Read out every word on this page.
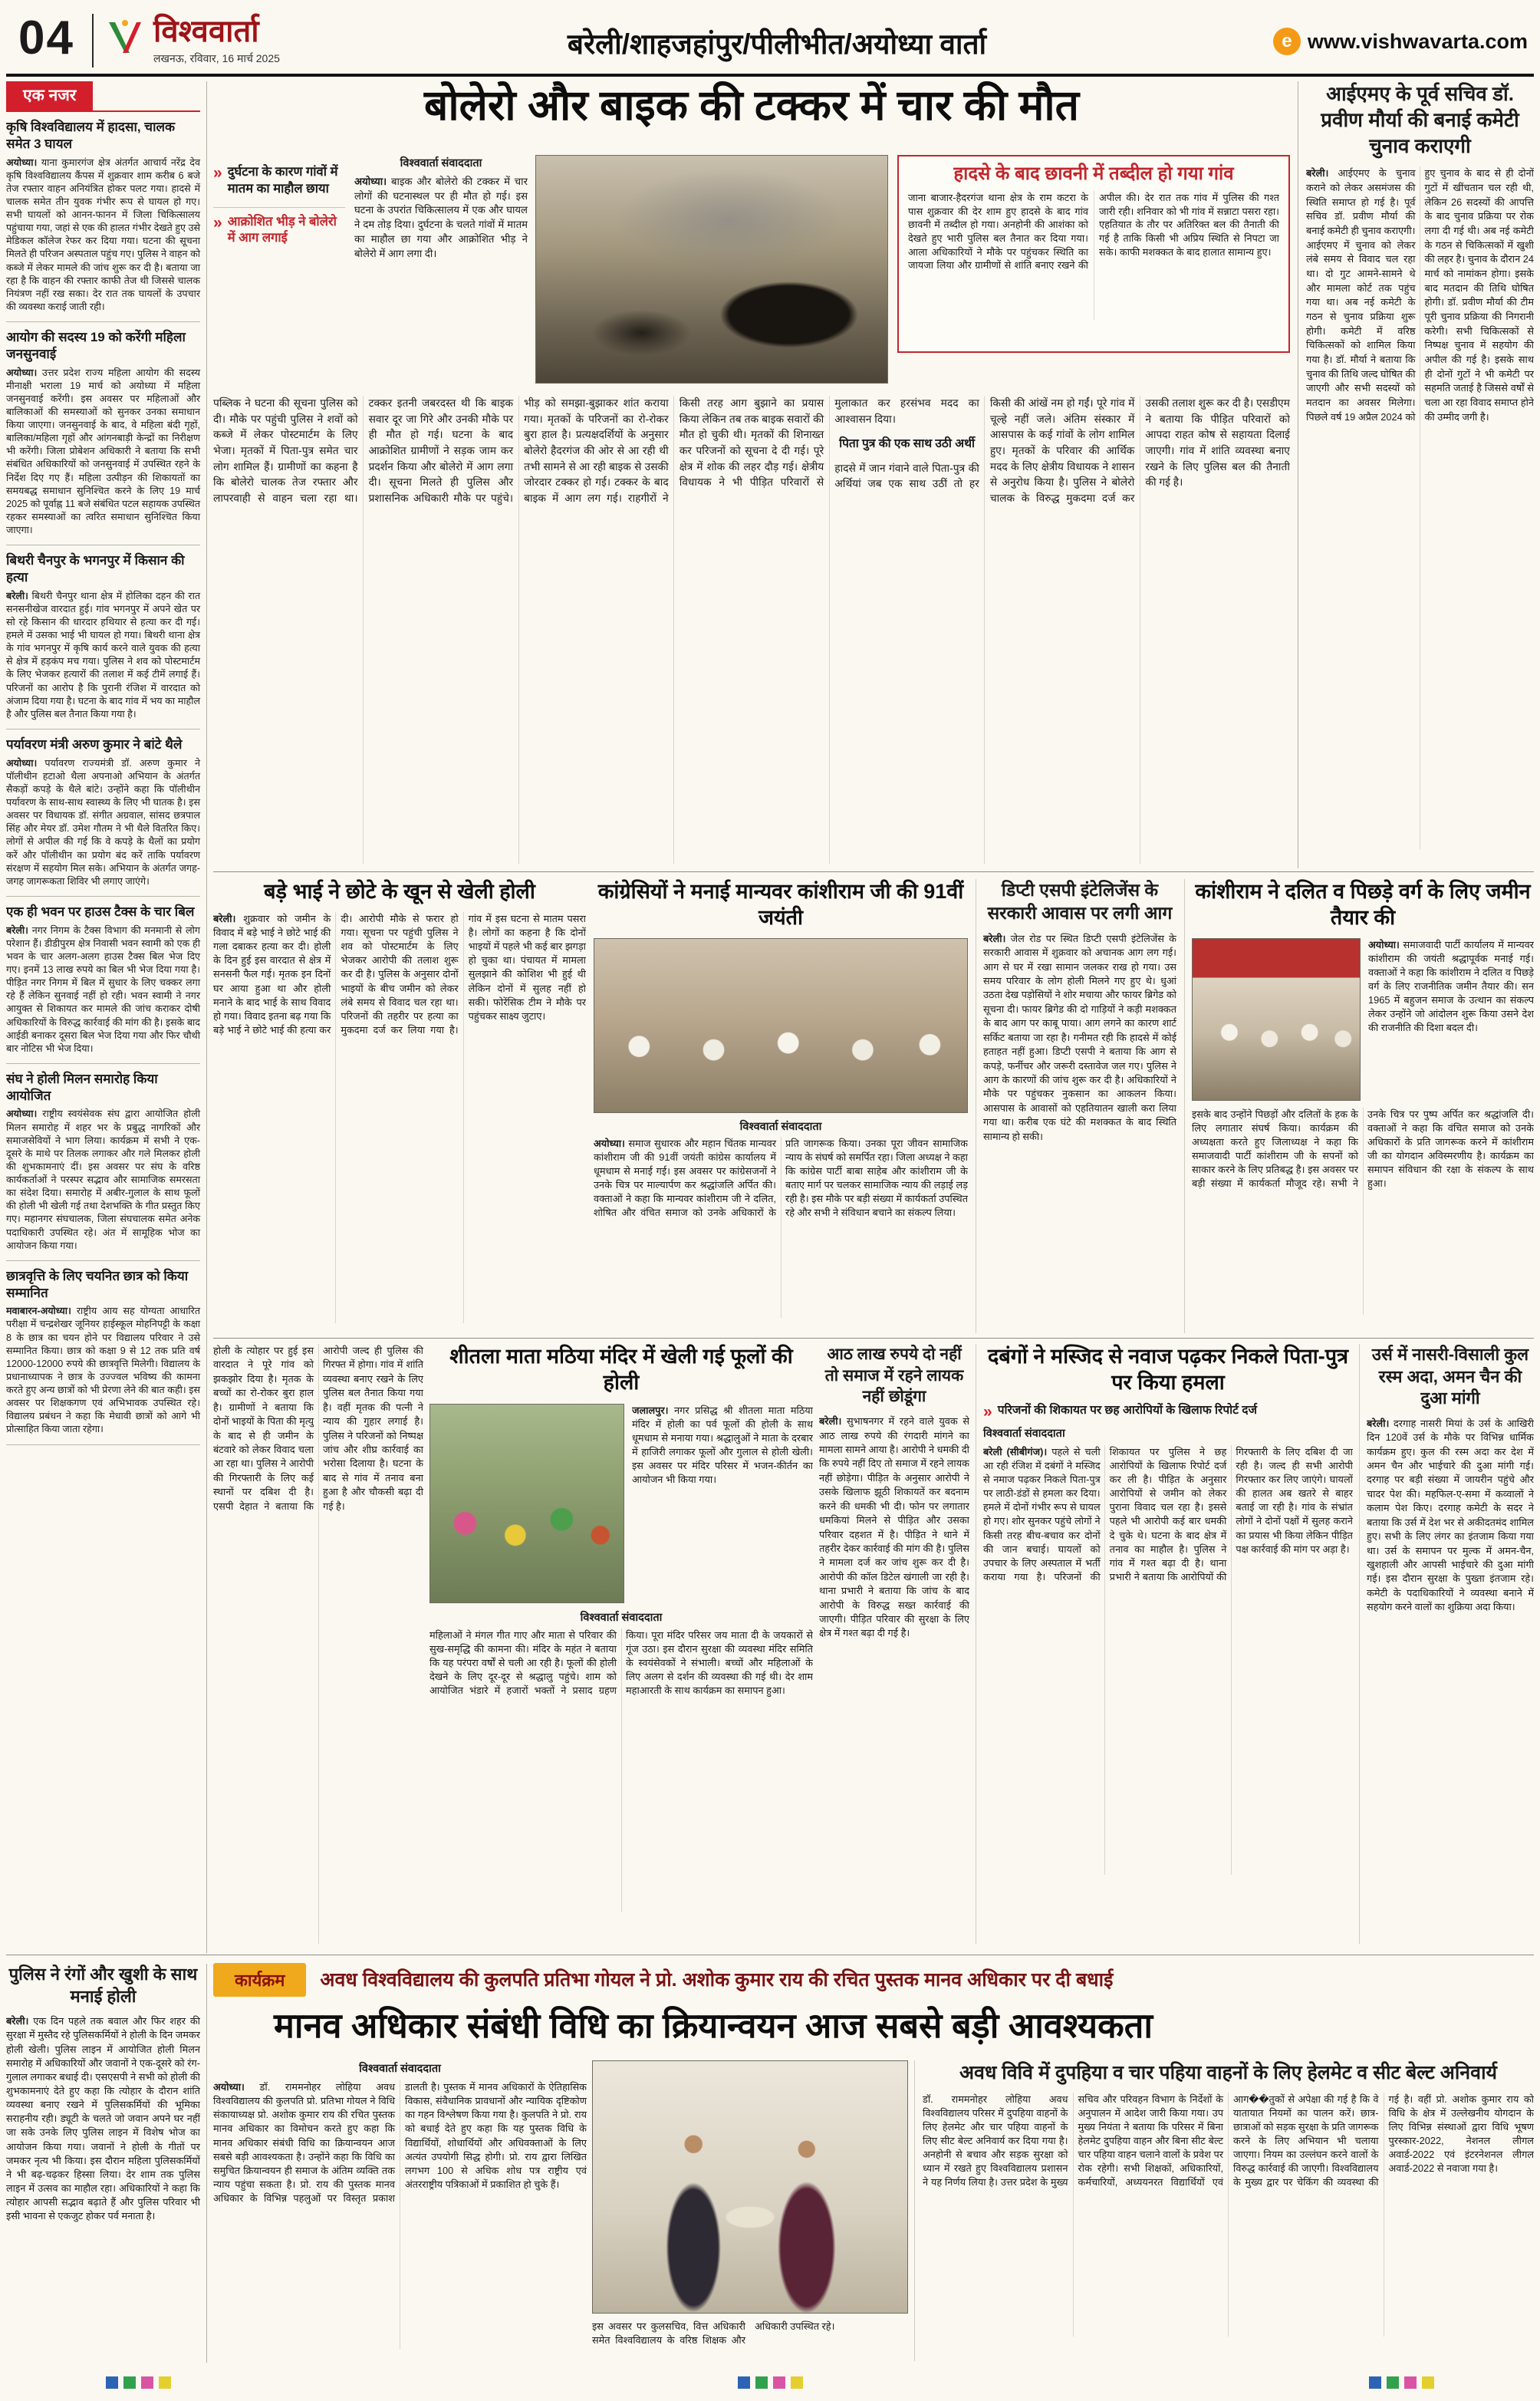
04	विश्ववार्ता
लखनऊ, रविवार, 16 मार्च 2025	बरेली/शाहजहांपुर/पीलीभीत/अयोध्या वार्ता	e www.vishwavarta.com
एक नजर
कृषि विश्वविद्यालय में हादसा, चालक समेत 3 घायल

अयोध्या। याना कुमारगंज क्षेत्र अंतर्गत आचार्य नरेंद्र देव कृषि विश्वविद्यालय कैंपस में शुक्रवार शाम करीब 6 बजे तेज रफ्तार वाहन अनियंत्रित होकर पलट गया। हादसे में चालक समेत तीन युवक गंभीर रूप से घायल हो गए। सभी घायलों को आनन-फानन में जिला चिकित्सालय पहुंचाया गया, जहां से एक की हालत गंभीर देखते हुए उसे मेडिकल कॉलेज रेफर कर दिया गया। घटना की सूचना मिलते ही परिजन अस्पताल पहुंच गए। पुलिस ने वाहन को कब्जे में लेकर मामले की जांच शुरू कर दी है। बताया जा रहा है कि वाहन की रफ्तार काफी तेज थी जिससे चालक नियंत्रण नहीं रख सका। देर रात तक घायलों के उपचार की व्यवस्था कराई जाती रही।

आयोग की सदस्य 19 को करेंगी महिला जनसुनवाई

अयोध्या। उत्तर प्रदेश राज्य महिला आयोग की सदस्य मीनाक्षी भराला 19 मार्च को अयोध्या में महिला जनसुनवाई करेंगी। इस अवसर पर महिलाओं और बालिकाओं की समस्याओं को सुनकर उनका समाधान किया जाएगा। जनसुनवाई के बाद, वे महिला बंदी गृहों, बालिका/महिला गृहों और आंगनबाड़ी केन्द्रों का निरीक्षण भी करेंगी। जिला प्रोबेशन अधिकारी ने बताया कि सभी संबंधित अधिकारियों को जनसुनवाई में उपस्थित रहने के निर्देश दिए गए हैं। महिला उत्पीड़न की शिकायतों का समयबद्ध समाधान सुनिश्चित करने के लिए 19 मार्च 2025 को पूर्वाह्न 11 बजे संबंधित पटल सहायक उपस्थित रहकर समस्याओं का त्वरित समाधान सुनिश्चित किया जाएगा।

बिथरी चैनपुर के भगनपुर में किसान की हत्या

बरेली। बिथरी चैनपुर थाना क्षेत्र में होलिका दहन की रात सनसनीखेज वारदात हुई। गांव भगनपुर में अपने खेत पर सो रहे किसान की धारदार हथियार से हत्या कर दी गई। हमले में उसका भाई भी घायल हो गया। बिथरी थाना क्षेत्र के गांव भगनपुर में कृषि कार्य करने वाले युवक की हत्या से क्षेत्र में हड़कंप मच गया। पुलिस ने शव को पोस्टमार्टम के लिए भेजकर हत्यारों की तलाश में कई टीमें लगाई हैं। परिजनों का आरोप है कि पुरानी रंजिश में वारदात को अंजाम दिया गया है। घटना के बाद गांव में भय का माहौल है और पुलिस बल तैनात किया गया है।

पर्यावरण मंत्री अरुण कुमार ने बांटे थैले

अयोध्या। पर्यावरण राज्यमंत्री डॉ. अरुण कुमार ने पॉलीथीन हटाओ थैला अपनाओ अभियान के अंतर्गत सैकड़ों कपड़े के थैले बांटे। उन्होंने कहा कि पॉलीथीन पर्यावरण के साथ-साथ स्वास्थ्य के लिए भी घातक है। इस अवसर पर विधायक डॉ. संगीत अग्रवाल, सांसद छत्रपाल सिंह और मेयर डॉ. उमेश गौतम ने भी थैले वितरित किए। लोगों से अपील की गई कि वे कपड़े के थैलों का प्रयोग करें और पॉलीथीन का प्रयोग बंद करें ताकि पर्यावरण संरक्षण में सहयोग मिल सके। अभियान के अंतर्गत जगह-जगह जागरूकता शिविर भी लगाए जाएंगे।

एक ही भवन पर हाउस टैक्स के चार बिल

बरेली। नगर निगम के टैक्स विभाग की मनमानी से लोग परेशान हैं। डीडीपुरम क्षेत्र निवासी भवन स्वामी को एक ही भवन के चार अलग-अलग हाउस टैक्स बिल भेज दिए गए। इनमें 13 लाख रुपये का बिल भी भेज दिया गया है। पीड़ित नगर निगम में बिल में सुधार के लिए चक्कर लगा रहे हैं लेकिन सुनवाई नहीं हो रही। भवन स्वामी ने नगर आयुक्त से शिकायत कर मामले की जांच कराकर दोषी अधिकारियों के विरुद्ध कार्रवाई की मांग की है। इसके बाद आईडी बनाकर दूसरा बिल भेज दिया गया और फिर चौथी बार नोटिस भी भेज दिया।

संघ ने होली मिलन समारोह किया आयोजित

अयोध्या। राष्ट्रीय स्वयंसेवक संघ द्वारा आयोजित होली मिलन समारोह में शहर भर के प्रबुद्ध नागरिकों और समाजसेवियों ने भाग लिया। कार्यक्रम में सभी ने एक-दूसरे के माथे पर तिलक लगाकर और गले मिलकर होली की शुभकामनाएं दीं। इस अवसर पर संघ के वरिष्ठ कार्यकर्ताओं ने परस्पर सद्भाव और सामाजिक समरसता का संदेश दिया। समारोह में अबीर-गुलाल के साथ फूलों की होली भी खेली गई तथा देशभक्ति के गीत प्रस्तुत किए गए। महानगर संघचालक, जिला संघचालक समेत अनेक पदाधिकारी उपस्थित रहे। अंत में सामूहिक भोज का आयोजन किया गया।

छात्रवृत्ति के लिए चयनित छात्र को किया सम्मानित

मवाबारन-अयोध्या। राष्ट्रीय आय सह योग्यता आधारित परीक्षा में चन्द्रशेखर जूनियर हाईस्कूल मोहनिपट्टी के कक्षा 8 के छात्र का चयन होने पर विद्यालय परिवार ने उसे सम्मानित किया। छात्र को कक्षा 9 से 12 तक प्रति वर्ष 12000-12000 रुपये की छात्रवृत्ति मिलेगी। विद्यालय के प्रधानाध्यापक ने छात्र के उज्ज्वल भविष्य की कामना करते हुए अन्य छात्रों को भी प्रेरणा लेने की बात कही। इस अवसर पर शिक्षकगण एवं अभिभावक उपस्थित रहे। विद्यालय प्रबंधन ने कहा कि मेधावी छात्रों को आगे भी प्रोत्साहित किया जाता रहेगा।

बोलेरो और बाइक की टक्कर में चार की मौत
» दुर्घटना के कारण गांवों में मातम का माहौल छाया
» आक्रोशित भीड़ ने बोलेरो में आग लगाई
विश्ववार्ता संवाददाता

अयोध्या। बाइक और बोलेरो की टक्कर में चार लोगों की घटनास्थल पर ही मौत हो गई। इस घटना के उपरांत चिकित्सालय में एक और घायल ने दम तोड़ दिया। दुर्घटना के चलते गांवों में मातम का माहौल छा गया और आक्रोशित भीड़ ने बोलेरो में आग लगा दी।

हादसे के बाद छावनी में तब्दील हो गया गांव

जाना बाजार-हैदरगंज थाना क्षेत्र के राम कटरा के पास शुक्रवार की देर शाम हुए हादसे के बाद गांव छावनी में तब्दील हो गया। अनहोनी की आशंका को देखते हुए भारी पुलिस बल तैनात कर दिया गया। आला अधिकारियों ने मौके पर पहुंचकर स्थिति का जायजा लिया और ग्रामीणों से शांति बनाए रखने की अपील की। देर रात तक गांव में पुलिस की गश्त जारी रही। शनिवार को भी गांव में सन्नाटा पसरा रहा। एहतियात के तौर पर अतिरिक्त बल की तैनाती की गई है ताकि किसी भी अप्रिय स्थिति से निपटा जा सके। काफी मशक्कत के बाद हालात सामान्य हुए।

पब्लिक ने घटना की सूचना पुलिस को दी। मौके पर पहुंची पुलिस ने शवों को कब्जे में लेकर पोस्टमार्टम के लिए भेजा। मृतकों में पिता-पुत्र समेत चार लोग शामिल हैं। ग्रामीणों का कहना है कि बोलेरो चालक तेज रफ्तार और लापरवाही से वाहन चला रहा था। टक्कर इतनी जबरदस्त थी कि बाइक सवार दूर जा गिरे और उनकी मौके पर ही मौत हो गई। घटना के बाद आक्रोशित ग्रामीणों ने सड़क जाम कर प्रदर्शन किया और बोलेरो में आग लगा दी। सूचना मिलते ही पुलिस और प्रशासनिक अधिकारी मौके पर पहुंचे। भीड़ को समझा-बुझाकर शांत कराया गया। मृतकों के परिजनों का रो-रोकर बुरा हाल है। प्रत्यक्षदर्शियों के अनुसार बोलेरो हैदरगंज की ओर से आ रही थी तभी सामने से आ रही बाइक से उसकी जोरदार टक्कर हो गई। टक्कर के बाद बाइक में आग लग गई। राहगीरों ने किसी तरह आग बुझाने का प्रयास किया लेकिन तब तक बाइक सवारों की मौत हो चुकी थी। मृतकों की शिनाख्त कर परिजनों को सूचना दे दी गई। पूरे क्षेत्र में शोक की लहर दौड़ गई। क्षेत्रीय विधायक ने भी पीड़ित परिवारों से मुलाकात कर हरसंभव मदद का आश्वासन दिया।
पिता पुत्र की एक साथ उठी अर्थी
हादसे में जान गंवाने वाले पिता-पुत्र की अर्थियां जब एक साथ उठीं तो हर किसी की आंखें नम हो गईं। पूरे गांव में चूल्हे नहीं जले। अंतिम संस्कार में आसपास के कई गांवों के लोग शामिल हुए। मृतकों के परिवार की आर्थिक मदद के लिए क्षेत्रीय विधायक ने शासन से अनुरोध किया है। पुलिस ने बोलेरो चालक के विरुद्ध मुकदमा दर्ज कर उसकी तलाश शुरू कर दी है। एसडीएम ने बताया कि पीड़ित परिवारों को आपदा राहत कोष से सहायता दिलाई जाएगी। गांव में शांति व्यवस्था बनाए रखने के लिए पुलिस बल की तैनाती की गई है।
आईएमए के पूर्व सचिव डॉ. प्रवीण मौर्या की बनाई कमेटी चुनाव कराएगी

बरेली। आईएमए के चुनाव कराने को लेकर असमंजस की स्थिति समाप्त हो गई है। पूर्व सचिव डॉ. प्रवीण मौर्या की बनाई कमेटी ही चुनाव कराएगी। आईएमए में चुनाव को लेकर लंबे समय से विवाद चल रहा था। दो गुट आमने-सामने थे और मामला कोर्ट तक पहुंच गया था। अब नई कमेटी के गठन से चुनाव प्रक्रिया शुरू होगी। कमेटी में वरिष्ठ चिकित्सकों को शामिल किया गया है। डॉ. मौर्या ने बताया कि चुनाव की तिथि जल्द घोषित की जाएगी और सभी सदस्यों को मतदान का अवसर मिलेगा। पिछले वर्ष 19 अप्रैल 2024 को हुए चुनाव के बाद से ही दोनों गुटों में खींचतान चल रही थी, लेकिन 26 सदस्यों की आपत्ति के बाद चुनाव प्रक्रिया पर रोक लगा दी गई थी। अब नई कमेटी के गठन से चिकित्सकों में खुशी की लहर है। चुनाव के दौरान 24 मार्च को नामांकन होगा। इसके बाद मतदान की तिथि घोषित होगी। डॉ. प्रवीण मौर्या की टीम पूरी चुनाव प्रक्रिया की निगरानी करेगी। सभी चिकित्सकों से निष्पक्ष चुनाव में सहयोग की अपील की गई है। इसके साथ ही दोनों गुटों ने भी कमेटी पर सहमति जताई है जिससे वर्षों से चला आ रहा विवाद समाप्त होने की उम्मीद जगी है।

बड़े भाई ने छोटे के खून से खेली होली

बरेली। शुक्रवार को जमीन के विवाद में बड़े भाई ने छोटे भाई की गला दबाकर हत्या कर दी। होली के दिन हुई इस वारदात से क्षेत्र में सनसनी फैल गई। मृतक इन दिनों घर आया हुआ था और होली मनाने के बाद भाई के साथ विवाद हो गया। विवाद इतना बढ़ गया कि बड़े भाई ने छोटे भाई की हत्या कर दी। आरोपी मौके से फरार हो गया। सूचना पर पहुंची पुलिस ने शव को पोस्टमार्टम के लिए भेजकर आरोपी की तलाश शुरू कर दी है। पुलिस के अनुसार दोनों भाइयों के बीच जमीन को लेकर लंबे समय से विवाद चल रहा था। परिजनों की तहरीर पर हत्या का मुकदमा दर्ज कर लिया गया है। गांव में इस घटना से मातम पसरा है। लोगों का कहना है कि दोनों भाइयों में पहले भी कई बार झगड़ा हो चुका था। पंचायत में मामला सुलझाने की कोशिश भी हुई थी लेकिन दोनों में सुलह नहीं हो सकी। फोरेंसिक टीम ने मौके पर पहुंचकर साक्ष्य जुटाए।

कांग्रेसियों ने मनाई मान्यवर कांशीराम जी की 91वीं जयंती
विश्ववार्ता संवाददाता

अयोध्या। समाज सुधारक और महान चिंतक मान्यवर कांशीराम जी की 91वीं जयंती कांग्रेस कार्यालय में धूमधाम से मनाई गई। इस अवसर पर कांग्रेसजनों ने उनके चित्र पर माल्यार्पण कर श्रद्धांजलि अर्पित की। वक्ताओं ने कहा कि मान्यवर कांशीराम जी ने दलित, शोषित और वंचित समाज को उनके अधिकारों के प्रति जागरूक किया। उनका पूरा जीवन सामाजिक न्याय के संघर्ष को समर्पित रहा। जिला अध्यक्ष ने कहा कि कांग्रेस पार्टी बाबा साहेब और कांशीराम जी के बताए मार्ग पर चलकर सामाजिक न्याय की लड़ाई लड़ रही है। इस मौके पर बड़ी संख्या में कार्यकर्ता उपस्थित रहे और सभी ने संविधान बचाने का संकल्प लिया।

डिप्टी एसपी इंटेलिजेंस के सरकारी आवास पर लगी आग

बरेली। जेल रोड पर स्थित डिप्टी एसपी इंटेलिजेंस के सरकारी आवास में शुक्रवार को अचानक आग लग गई। आग से घर में रखा सामान जलकर राख हो गया। उस समय परिवार के लोग होली मिलने गए हुए थे। धुआं उठता देख पड़ोसियों ने शोर मचाया और फायर ब्रिगेड को सूचना दी। फायर ब्रिगेड की दो गाड़ियों ने कड़ी मशक्कत के बाद आग पर काबू पाया। आग लगने का कारण शार्ट सर्किट बताया जा रहा है। गनीमत रही कि हादसे में कोई हताहत नहीं हुआ। डिप्टी एसपी ने बताया कि आग से कपड़े, फर्नीचर और जरूरी दस्तावेज जल गए। पुलिस ने आग के कारणों की जांच शुरू कर दी है। अधिकारियों ने मौके पर पहुंचकर नुकसान का आकलन किया। आसपास के आवासों को एहतियातन खाली करा लिया गया था। करीब एक घंटे की मशक्कत के बाद स्थिति सामान्य हो सकी।

कांशीराम ने दलित व पिछड़े वर्ग के लिए जमीन तैयार की

अयोध्या। समाजवादी पार्टी कार्यालय में मान्यवर कांशीराम की जयंती श्रद्धापूर्वक मनाई गई। वक्ताओं ने कहा कि कांशीराम ने दलित व पिछड़े वर्ग के लिए राजनीतिक जमीन तैयार की। सन 1965 में बहुजन समाज के उत्थान का संकल्प लेकर उन्होंने जो आंदोलन शुरू किया उसने देश की राजनीति की दिशा बदल दी।

इसके बाद उन्होंने पिछड़ों और दलितों के हक के लिए लगातार संघर्ष किया। कार्यक्रम की अध्यक्षता करते हुए जिलाध्यक्ष ने कहा कि समाजवादी पार्टी कांशीराम जी के सपनों को साकार करने के लिए प्रतिबद्ध है। इस अवसर पर बड़ी संख्या में कार्यकर्ता मौजूद रहे। सभी ने उनके चित्र पर पुष्प अर्पित कर श्रद्धांजलि दी। वक्ताओं ने कहा कि वंचित समाज को उनके अधिकारों के प्रति जागरूक करने में कांशीराम जी का योगदान अविस्मरणीय है। कार्यक्रम का समापन संविधान की रक्षा के संकल्प के साथ हुआ।

होली के त्योहार पर हुई इस वारदात ने पूरे गांव को झकझोर दिया है। मृतक के बच्चों का रो-रोकर बुरा हाल है। ग्रामीणों ने बताया कि दोनों भाइयों के पिता की मृत्यु के बाद से ही जमीन के बंटवारे को लेकर विवाद चला आ रहा था। पुलिस ने आरोपी की गिरफ्तारी के लिए कई स्थानों पर दबिश दी है। एसपी देहात ने बताया कि आरोपी जल्द ही पुलिस की गिरफ्त में होगा। गांव में शांति व्यवस्था बनाए रखने के लिए पुलिस बल तैनात किया गया है। वहीं मृतक की पत्नी ने न्याय की गुहार लगाई है। पुलिस ने परिजनों को निष्पक्ष जांच और शीघ्र कार्रवाई का भरोसा दिलाया है। घटना के बाद से गांव में तनाव बना हुआ है और चौकसी बढ़ा दी गई है।

शीतला माता मठिया मंदिर में खेली गई फूलों की होली

जलालपुर। नगर प्रसिद्ध श्री शीतला माता मठिया मंदिर में होली का पर्व फूलों की होली के साथ धूमधाम से मनाया गया। श्रद्धालुओं ने माता के दरबार में हाजिरी लगाकर फूलों और गुलाल से होली खेली। इस अवसर पर मंदिर परिसर में भजन-कीर्तन का आयोजन भी किया गया।

विश्ववार्ता संवाददाता

महिलाओं ने मंगल गीत गाए और माता से परिवार की सुख-समृद्धि की कामना की। मंदिर के महंत ने बताया कि यह परंपरा वर्षों से चली आ रही है। फूलों की होली देखने के लिए दूर-दूर से श्रद्धालु पहुंचे। शाम को आयोजित भंडारे में हजारों भक्तों ने प्रसाद ग्रहण किया। पूरा मंदिर परिसर जय माता दी के जयकारों से गूंज उठा। इस दौरान सुरक्षा की व्यवस्था मंदिर समिति के स्वयंसेवकों ने संभाली। बच्चों और महिलाओं के लिए अलग से दर्शन की व्यवस्था की गई थी। देर शाम महाआरती के साथ कार्यक्रम का समापन हुआ।

आठ लाख रुपये दो नहीं तो समाज में रहने लायक नहीं छोडूंगा

बरेली। सुभाषनगर में रहने वाले युवक से आठ लाख रुपये की रंगदारी मांगने का मामला सामने आया है। आरोपी ने धमकी दी कि रुपये नहीं दिए तो समाज में रहने लायक नहीं छोड़ेगा। पीड़ित के अनुसार आरोपी ने उसके खिलाफ झूठी शिकायतें कर बदनाम करने की धमकी भी दी। फोन पर लगातार धमकियां मिलने से पीड़ित और उसका परिवार दहशत में है। पीड़ित ने थाने में तहरीर देकर कार्रवाई की मांग की है। पुलिस ने मामला दर्ज कर जांच शुरू कर दी है। आरोपी की कॉल डिटेल खंगाली जा रही है। थाना प्रभारी ने बताया कि जांच के बाद आरोपी के विरुद्ध सख्त कार्रवाई की जाएगी। पीड़ित परिवार की सुरक्षा के लिए क्षेत्र में गश्त बढ़ा दी गई है।

दबंगों ने मस्जिद से नवाज पढ़कर निकले पिता-पुत्र पर किया हमला
» परिजनों की शिकायत पर छह आरोपियों के खिलाफ रिपोर्ट दर्ज
विश्ववार्ता संवाददाता

बरेली (सीबीगंज)। पहले से चली आ रही रंजिश में दबंगों ने मस्जिद से नमाज पढ़कर निकले पिता-पुत्र पर लाठी-डंडों से हमला कर दिया। हमले में दोनों गंभीर रूप से घायल हो गए। शोर सुनकर पहुंचे लोगों ने किसी तरह बीच-बचाव कर दोनों की जान बचाई। घायलों को उपचार के लिए अस्पताल में भर्ती कराया गया है। परिजनों की शिकायत पर पुलिस ने छह आरोपियों के खिलाफ रिपोर्ट दर्ज कर ली है। पीड़ित के अनुसार आरोपियों से जमीन को लेकर पुराना विवाद चल रहा है। इससे पहले भी आरोपी कई बार धमकी दे चुके थे। घटना के बाद क्षेत्र में तनाव का माहौल है। पुलिस ने गांव में गश्त बढ़ा दी है। थाना प्रभारी ने बताया कि आरोपियों की गिरफ्तारी के लिए दबिश दी जा रही है। जल्द ही सभी आरोपी गिरफ्तार कर लिए जाएंगे। घायलों की हालत अब खतरे से बाहर बताई जा रही है। गांव के संभ्रांत लोगों ने दोनों पक्षों में सुलह कराने का प्रयास भी किया लेकिन पीड़ित पक्ष कार्रवाई की मांग पर अड़ा है।

उर्स में नासरी-विसाली कुल रस्म अदा, अमन चैन की दुआ मांगी

बरेली। दरगाह नासरी मियां के उर्स के आखिरी दिन 120वें उर्स के मौके पर विभिन्न धार्मिक कार्यक्रम हुए। कुल की रस्म अदा कर देश में अमन चैन और भाईचारे की दुआ मांगी गई। दरगाह पर बड़ी संख्या में जायरीन पहुंचे और चादर पेश की। महफिल-ए-समा में कव्वालों ने कलाम पेश किए। दरगाह कमेटी के सदर ने बताया कि उर्स में देश भर से अकीदतमंद शामिल हुए। सभी के लिए लंगर का इंतजाम किया गया था। उर्स के समापन पर मुल्क में अमन-चैन, खुशहाली और आपसी भाईचारे की दुआ मांगी गई। इस दौरान सुरक्षा के पुख्ता इंतजाम रहे। कमेटी के पदाधिकारियों ने व्यवस्था बनाने में सहयोग करने वालों का शुक्रिया अदा किया।

पुलिस ने रंगों और खुशी के साथ मनाई होली

बरेली। एक दिन पहले तक बवाल और फिर शहर की सुरक्षा में मुस्तैद रहे पुलिसकर्मियों ने होली के दिन जमकर होली खेली। पुलिस लाइन में आयोजित होली मिलन समारोह में अधिकारियों और जवानों ने एक-दूसरे को रंग-गुलाल लगाकर बधाई दी। एसएसपी ने सभी को होली की शुभकामनाएं देते हुए कहा कि त्योहार के दौरान शांति व्यवस्था बनाए रखने में पुलिसकर्मियों की भूमिका सराहनीय रही। ड्यूटी के चलते जो जवान अपने घर नहीं जा सके उनके लिए पुलिस लाइन में विशेष भोज का आयोजन किया गया। जवानों ने होली के गीतों पर जमकर नृत्य भी किया। इस दौरान महिला पुलिसकर्मियों ने भी बढ़-चढ़कर हिस्सा लिया। देर शाम तक पुलिस लाइन में उत्सव का माहौल रहा। अधिकारियों ने कहा कि त्योहार आपसी सद्भाव बढ़ाते हैं और पुलिस परिवार भी इसी भावना से एकजुट होकर पर्व मनाता है।

कार्यक्रम	अवध विश्वविद्यालय की कुलपति प्रतिभा गोयल ने प्रो. अशोक कुमार राय की रचित पुस्तक मानव अधिकार पर दी बधाई
मानव अधिकार संबंधी विधि का क्रियान्वयन आज सबसे बड़ी आवश्यकता
विश्ववार्ता संवाददाता

अयोध्या। डॉ. राममनोहर लोहिया अवध विश्वविद्यालय की कुलपति प्रो. प्रतिभा गोयल ने विधि संकायाध्यक्ष प्रो. अशोक कुमार राय की रचित पुस्तक मानव अधिकार का विमोचन करते हुए कहा कि मानव अधिकार संबंधी विधि का क्रियान्वयन आज सबसे बड़ी आवश्यकता है। उन्होंने कहा कि विधि का समुचित क्रियान्वयन ही समाज के अंतिम व्यक्ति तक न्याय पहुंचा सकता है। प्रो. राय की पुस्तक मानव अधिकार के विभिन्न पहलुओं पर विस्तृत प्रकाश डालती है। पुस्तक में मानव अधिकारों के ऐतिहासिक विकास, संवैधानिक प्रावधानों और न्यायिक दृष्टिकोण का गहन विश्लेषण किया गया है। कुलपति ने प्रो. राय को बधाई देते हुए कहा कि यह पुस्तक विधि के विद्यार्थियों, शोधार्थियों और अधिवक्ताओं के लिए अत्यंत उपयोगी सिद्ध होगी। प्रो. राय द्वारा लिखित लगभग 100 से अधिक शोध पत्र राष्ट्रीय एवं अंतरराष्ट्रीय पत्रिकाओं में प्रकाशित हो चुके हैं।

इस अवसर पर कुलसचिव, वित्त अधिकारी समेत विश्वविद्यालय के वरिष्ठ शिक्षक और अधिकारी उपस्थित रहे।

अवध विवि में दुपहिया व चार पहिया वाहनों के लिए हेलमेट व सीट बेल्ट अनिवार्य

डॉ. राममनोहर लोहिया अवध विश्वविद्यालय परिसर में दुपहिया वाहनों के लिए हेलमेट और चार पहिया वाहनों के लिए सीट बेल्ट अनिवार्य कर दिया गया है। अनहोनी से बचाव और सड़क सुरक्षा को ध्यान में रखते हुए विश्वविद्यालय प्रशासन ने यह निर्णय लिया है। उत्तर प्रदेश के मुख्य सचिव और परिवहन विभाग के निर्देशों के अनुपालन में आदेश जारी किया गया। उप मुख्य नियंता ने बताया कि परिसर में बिना हेलमेट दुपहिया वाहन और बिना सीट बेल्ट चार पहिया वाहन चलाने वालों के प्रवेश पर रोक रहेगी। सभी शिक्षकों, अधिकारियों, कर्मचारियों, अध्ययनरत विद्यार्थियों एवं आग��तुकों से अपेक्षा की गई है कि वे यातायात नियमों का पालन करें। छात्र-छात्राओं को सड़क सुरक्षा के प्रति जागरूक करने के लिए अभियान भी चलाया जाएगा। नियम का उल्लंघन करने वालों के विरुद्ध कार्रवाई की जाएगी। विश्वविद्यालय के मुख्य द्वार पर चेकिंग की व्यवस्था की गई है। वहीं प्रो. अशोक कुमार राय को विधि के क्षेत्र में उल्लेखनीय योगदान के लिए विभिन्न संस्थाओं द्वारा विधि भूषण पुरस्कार-2022, नेशनल लीगल अवार्ड-2022 एवं इंटरनेशनल लीगल अवार्ड-2022 से नवाजा गया है।
